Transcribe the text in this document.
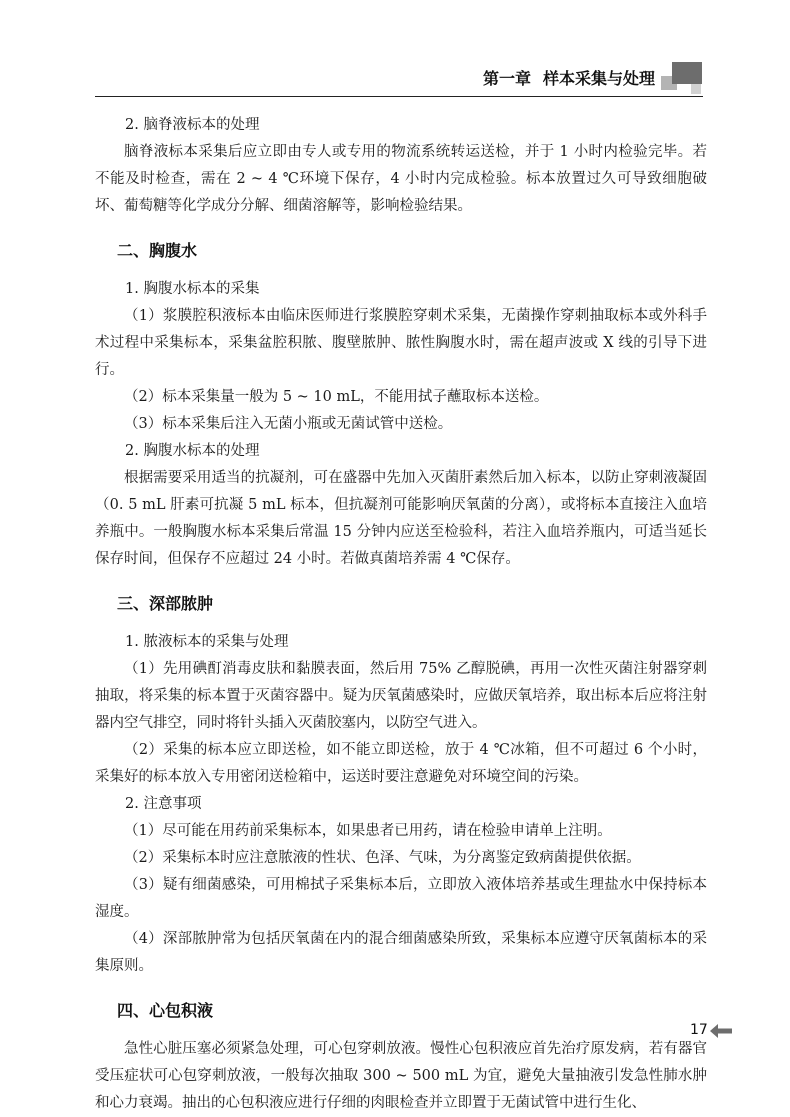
第一章 样本采集与处理

2. 脑脊液标本的处理

脑脊液标本采集后应立即由专人或专用的物流系统转运送检，并于 1 小时内检验完毕。若不能及时检查，需在 2 ~ 4 ℃环境下保存，4 小时内完成检验。标本放置过久可导致细胞破坏、葡萄糖等化学成分分解、细菌溶解等，影响检验结果。

二、胸腹水

1. 胸腹水标本的采集

（1）浆膜腔积液标本由临床医师进行浆膜腔穿刺术采集，无菌操作穿刺抽取标本或外科手术过程中采集标本，采集盆腔积脓、腹壁脓肿、脓性胸腹水时，需在超声波或 X 线的引导下进行。

（2）标本采集量一般为 5 ~ 10 mL，不能用拭子蘸取标本送检。

（3）标本采集后注入无菌小瓶或无菌试管中送检。

2. 胸腹水标本的处理

根据需要采用适当的抗凝剂，可在盛器中先加入灭菌肝素然后加入标本，以防止穿刺液凝固（0. 5 mL 肝素可抗凝 5 mL 标本，但抗凝剂可能影响厌氧菌的分离），或将标本直接注入血培养瓶中。一般胸腹水标本采集后常温 15 分钟内应送至检验科，若注入血培养瓶内，可适当延长保存时间，但保存不应超过 24 小时。若做真菌培养需 4 ℃保存。

三、深部脓肿

1. 脓液标本的采集与处理

（1）先用碘酊消毒皮肤和黏膜表面，然后用 75% 乙醇脱碘，再用一次性灭菌注射器穿刺抽取，将采集的标本置于灭菌容器中。疑为厌氧菌感染时，应做厌氧培养，取出标本后应将注射器内空气排空，同时将针头插入灭菌胶塞内，以防空气进入。

（2）采集的标本应立即送检，如不能立即送检，放于 4 ℃冰箱，但不可超过 6 个小时，采集好的标本放入专用密闭送检箱中，运送时要注意避免对环境空间的污染。

2. 注意事项

（1）尽可能在用药前采集标本，如果患者已用药，请在检验申请单上注明。

（2）采集标本时应注意脓液的性状、色泽、气味，为分离鉴定致病菌提供依据。

（3）疑有细菌感染，可用棉拭子采集标本后，立即放入液体培养基或生理盐水中保持标本湿度。

（4）深部脓肿常为包括厌氧菌在内的混合细菌感染所致，采集标本应遵守厌氧菌标本的采集原则。

四、心包积液

急性心脏压塞必须紧急处理，可心包穿刺放液。慢性心包积液应首先治疗原发病，若有器官受压症状可心包穿刺放液，一般每次抽取 300 ~ 500 mL 为宜，避免大量抽液引发急性肺水肿和心力衰竭。抽出的心包积液应进行仔细的肉眼检查并立即置于无菌试管中进行生化、

17
